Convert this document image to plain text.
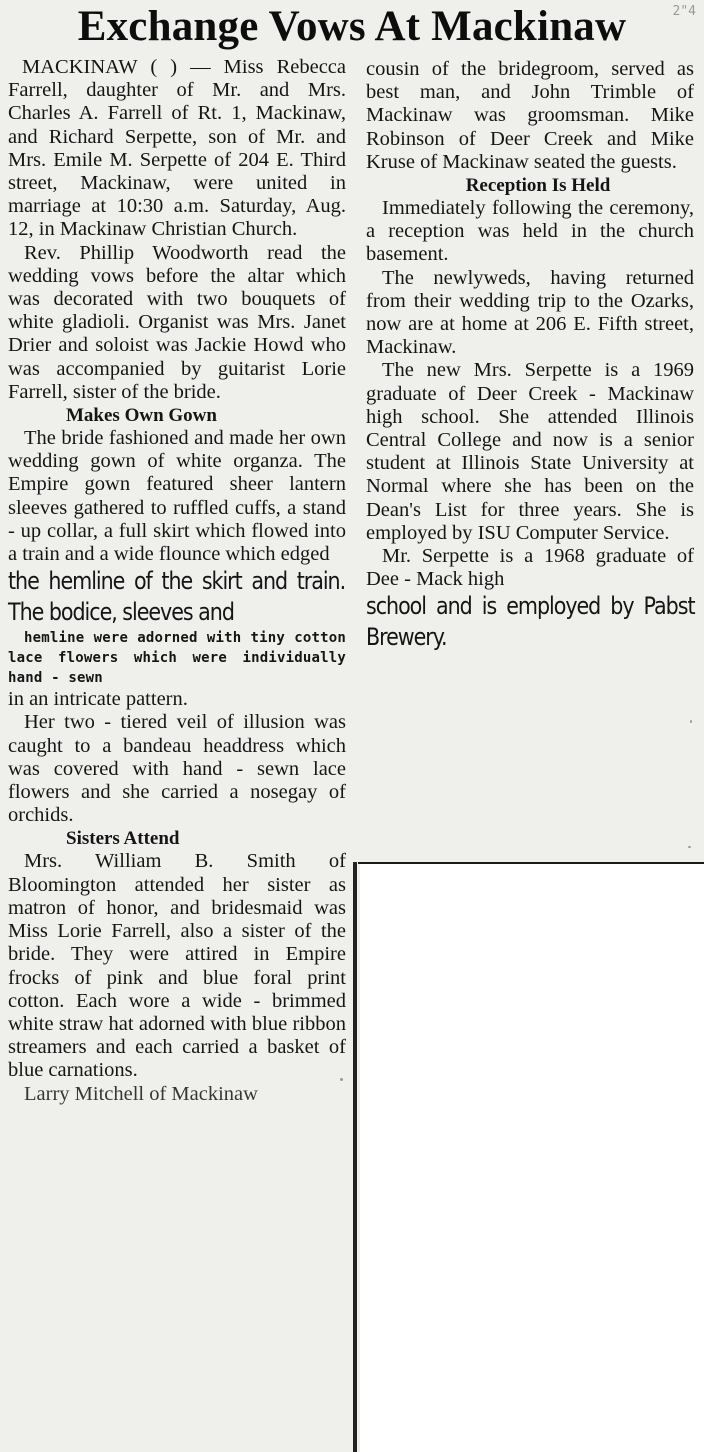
Exchange Vows At Mackinaw	2"4

MACKINAW ( ) — Miss Rebecca Farrell, daughter of Mr. and Mrs. Charles A. Farrell of Rt. 1, Mackinaw, and Richard Serpette, son of Mr. and Mrs. Emile M. Serpette of 204 E. Third street, Mackinaw, were united in marriage at 10:30 a.m. Saturday, Aug. 12, in Mackinaw Christian Church.

Rev. Phillip Woodworth read the wedding vows before the altar which was decorated with two bouquets of white gladioli. Organist was Mrs. Janet Drier and soloist was Jackie Howd who was accompanied by guitarist Lorie Farrell, sister of the bride.

Makes Own Gown

The bride fashioned and made her own wedding gown of white organza. The Empire gown featured sheer lantern sleeves gathered to ruffled cuffs, a stand - up collar, a full skirt which flowed into a train and a wide flounce which edged

the hemline of the skirt and train. The bodice, sleeves and

hemline were adorned with tiny cotton lace flowers which were individually hand - sewn

in an intricate pattern.

Her two - tiered veil of illusion was caught to a bandeau headdress which was covered with hand - sewn lace flowers and she carried a nosegay of orchids.

Sisters Attend

Mrs. William B. Smith of Bloomington attended her sister as matron of honor, and bridesmaid was Miss Lorie Farrell, also a sister of the bride. They were attired in Empire frocks of pink and blue foral print cotton. Each wore a wide - brimmed white straw hat adorned with blue ribbon streamers and each carried a basket of blue carnations.

Larry Mitchell of Mackinaw

cousin of the bridegroom, served as best man, and John Trimble of Mackinaw was groomsman. Mike Robinson of Deer Creek and Mike Kruse of Mackinaw seated the guests.

Reception Is Held

Immediately following the ceremony, a reception was held in the church basement.

The newlyweds, having returned from their wedding trip to the Ozarks, now are at home at 206 E. Fifth street, Mackinaw.

The new Mrs. Serpette is a 1969 graduate of Deer Creek - Mackinaw high school. She attended Illinois Central College and now is a senior student at Illinois State University at Normal where she has been on the Dean's List for three years. She is employed by ISU Computer Service.

Mr. Serpette is a 1968 graduate of Dee - Mack high

school and is employed by Pabst Brewery.
